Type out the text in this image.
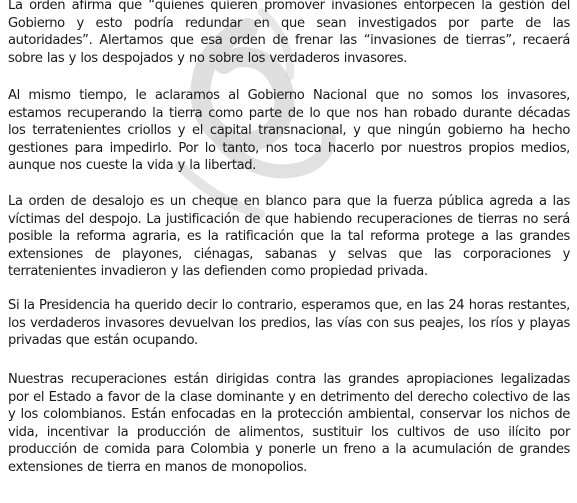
La orden afirma que “quienes quieren promover invasiones entorpecen la gestión del Gobierno y esto podría redundar en que sean investigados por parte de las autoridades”. Alertamos que esa orden de frenar las “invasiones de tierras”, recaerá sobre las y los despojados y no sobre los verdaderos invasores.

Al mismo tiempo, le aclaramos al Gobierno Nacional que no somos los invasores, estamos recuperando la tierra como parte de lo que nos han robado durante décadas los terratenientes criollos y el capital transnacional, y que ningún gobierno ha hecho gestiones para impedirlo. Por lo tanto, nos toca hacerlo por nuestros propios medios, aunque nos cueste la vida y la libertad.

La orden de desalojo es un cheque en blanco para que la fuerza pública agreda a las víctimas del despojo. La justificación de que habiendo recuperaciones de tierras no será posible la reforma agraria, es la ratificación que la tal reforma protege a las grandes extensiones de playones, ciénagas, sabanas y selvas que las corporaciones y terratenientes invadieron y las defienden como propiedad privada.

Si la Presidencia ha querido decir lo contrario, esperamos que, en las 24 horas restantes, los verdaderos invasores devuelvan los predios, las vías con sus peajes, los ríos y playas privadas que están ocupando.

Nuestras recuperaciones están dirigidas contra las grandes apropiaciones legalizadas por el Estado a favor de la clase dominante y en detrimento del derecho colectivo de las y los colombianos. Están enfocadas en la protección ambiental, conservar los nichos de vida, incentivar la producción de alimentos, sustituir los cultivos de uso ilícito por producción de comida para Colombia y ponerle un freno a la acumulación de grandes extensiones de tierra en manos de monopolios.
